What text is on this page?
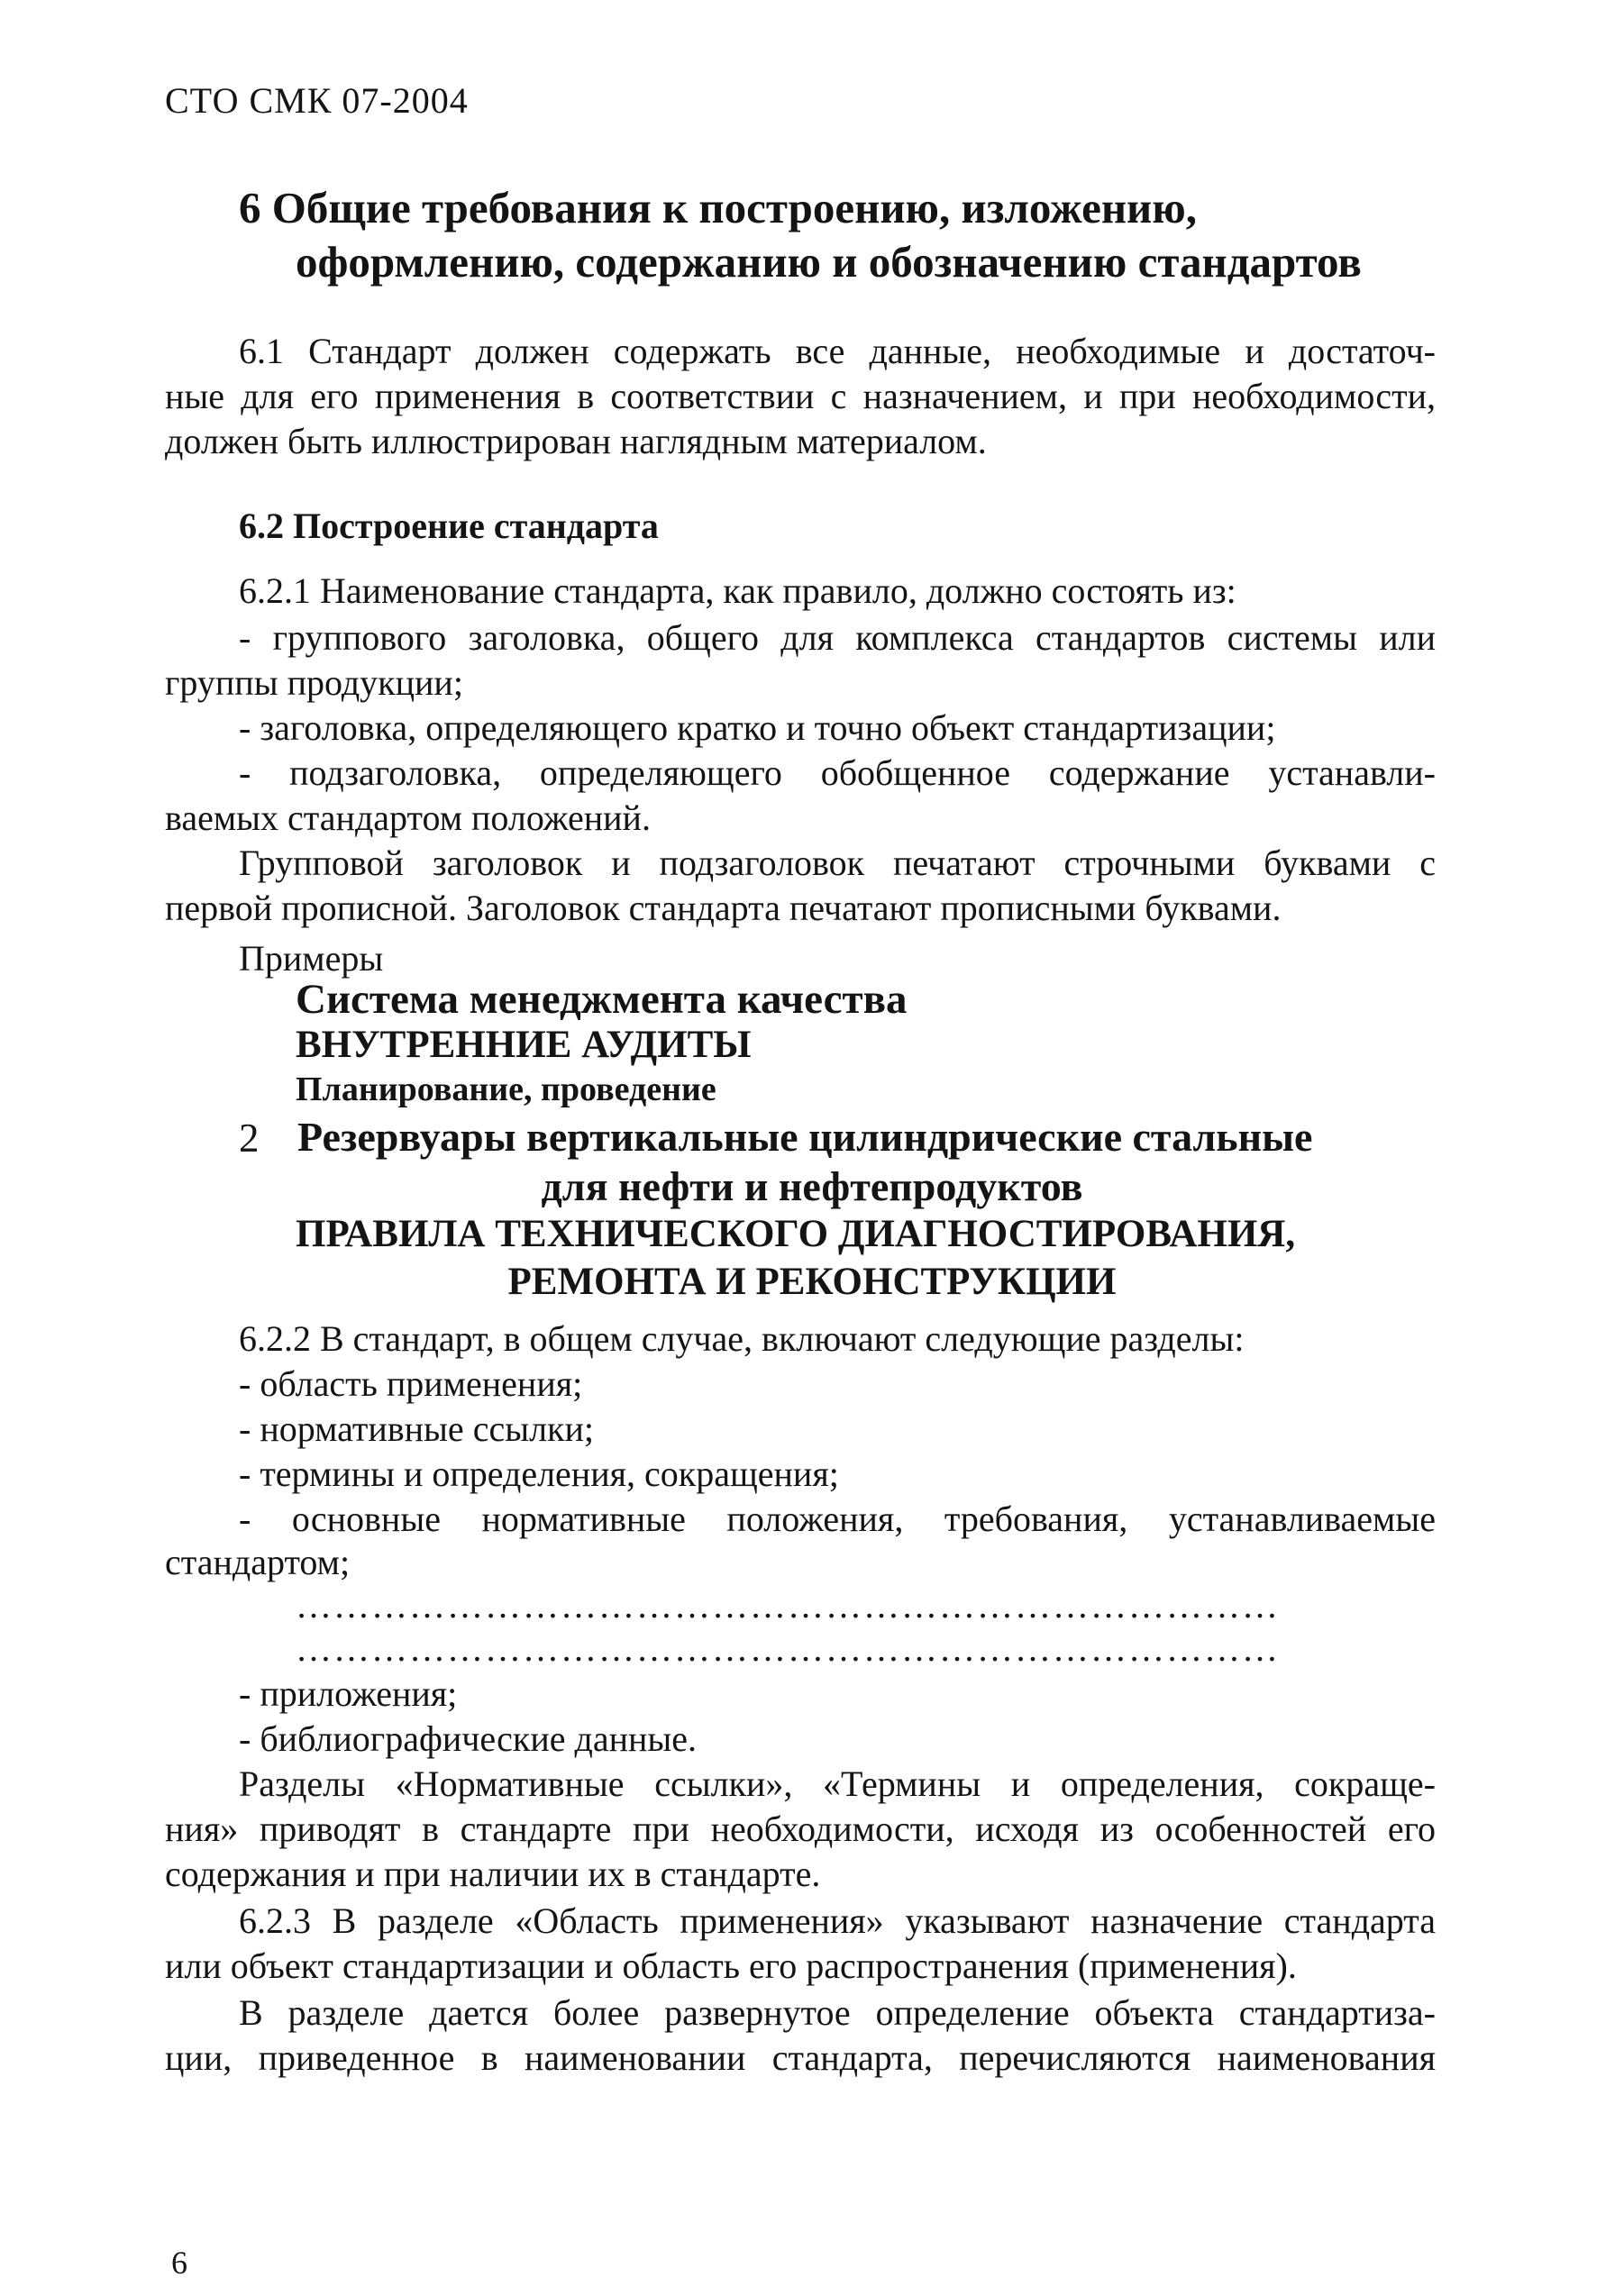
СТО СМК 07-2004
6 Общие требования к построению, изложению,
оформлению, содержанию и обозначению стандартов
6.1 Стандарт должен содержать все данные, необходимые и достаточ-
ные для его применения в соответствии с назначением, и при необходимости,
должен быть иллюстрирован наглядным материалом.
6.2 Построение стандарта
6.2.1 Наименование стандарта, как правило, должно состоять из:
- группового заголовка, общего для комплекса стандартов системы или
группы продукции;
- заголовка, определяющего кратко и точно объект стандартизации;
- подзаголовка, определяющего обобщенное содержание устанавли-
ваемых стандартом положений.
Групповой заголовок и подзаголовок печатают строчными буквами с
первой прописной. Заголовок стандарта печатают прописными буквами.
Примеры
Система менеджмента качества
ВНУТРЕННИЕ АУДИТЫ
Планирование, проведение
2 Резервуары вертикальные цилиндрические стальные
для нефти и нефтепродуктов
ПРАВИЛА ТЕХНИЧЕСКОГО ДИАГНОСТИРОВАНИЯ,
РЕМОНТА И РЕКОНСТРУКЦИИ
6.2.2 В стандарт, в общем случае, включают следующие разделы:
- область применения;
- нормативные ссылки;
- термины и определения, сокращения;
- основные нормативные положения, требования, устанавливаемые
стандартом;
……………………………………………………………………
……………………………………………………………………
- приложения;
- библиографические данные.
Разделы «Нормативные ссылки», «Термины и определения, сокраще-
ния» приводят в стандарте при необходимости, исходя из особенностей его
содержания и при наличии их в стандарте.
6.2.3 В разделе «Область применения» указывают назначение стандарта
или объект стандартизации и область его распространения (применения).
В разделе дается более развернутое определение объекта стандартиза-
ции, приведенное в наименовании стандарта, перечисляются наименования
6
